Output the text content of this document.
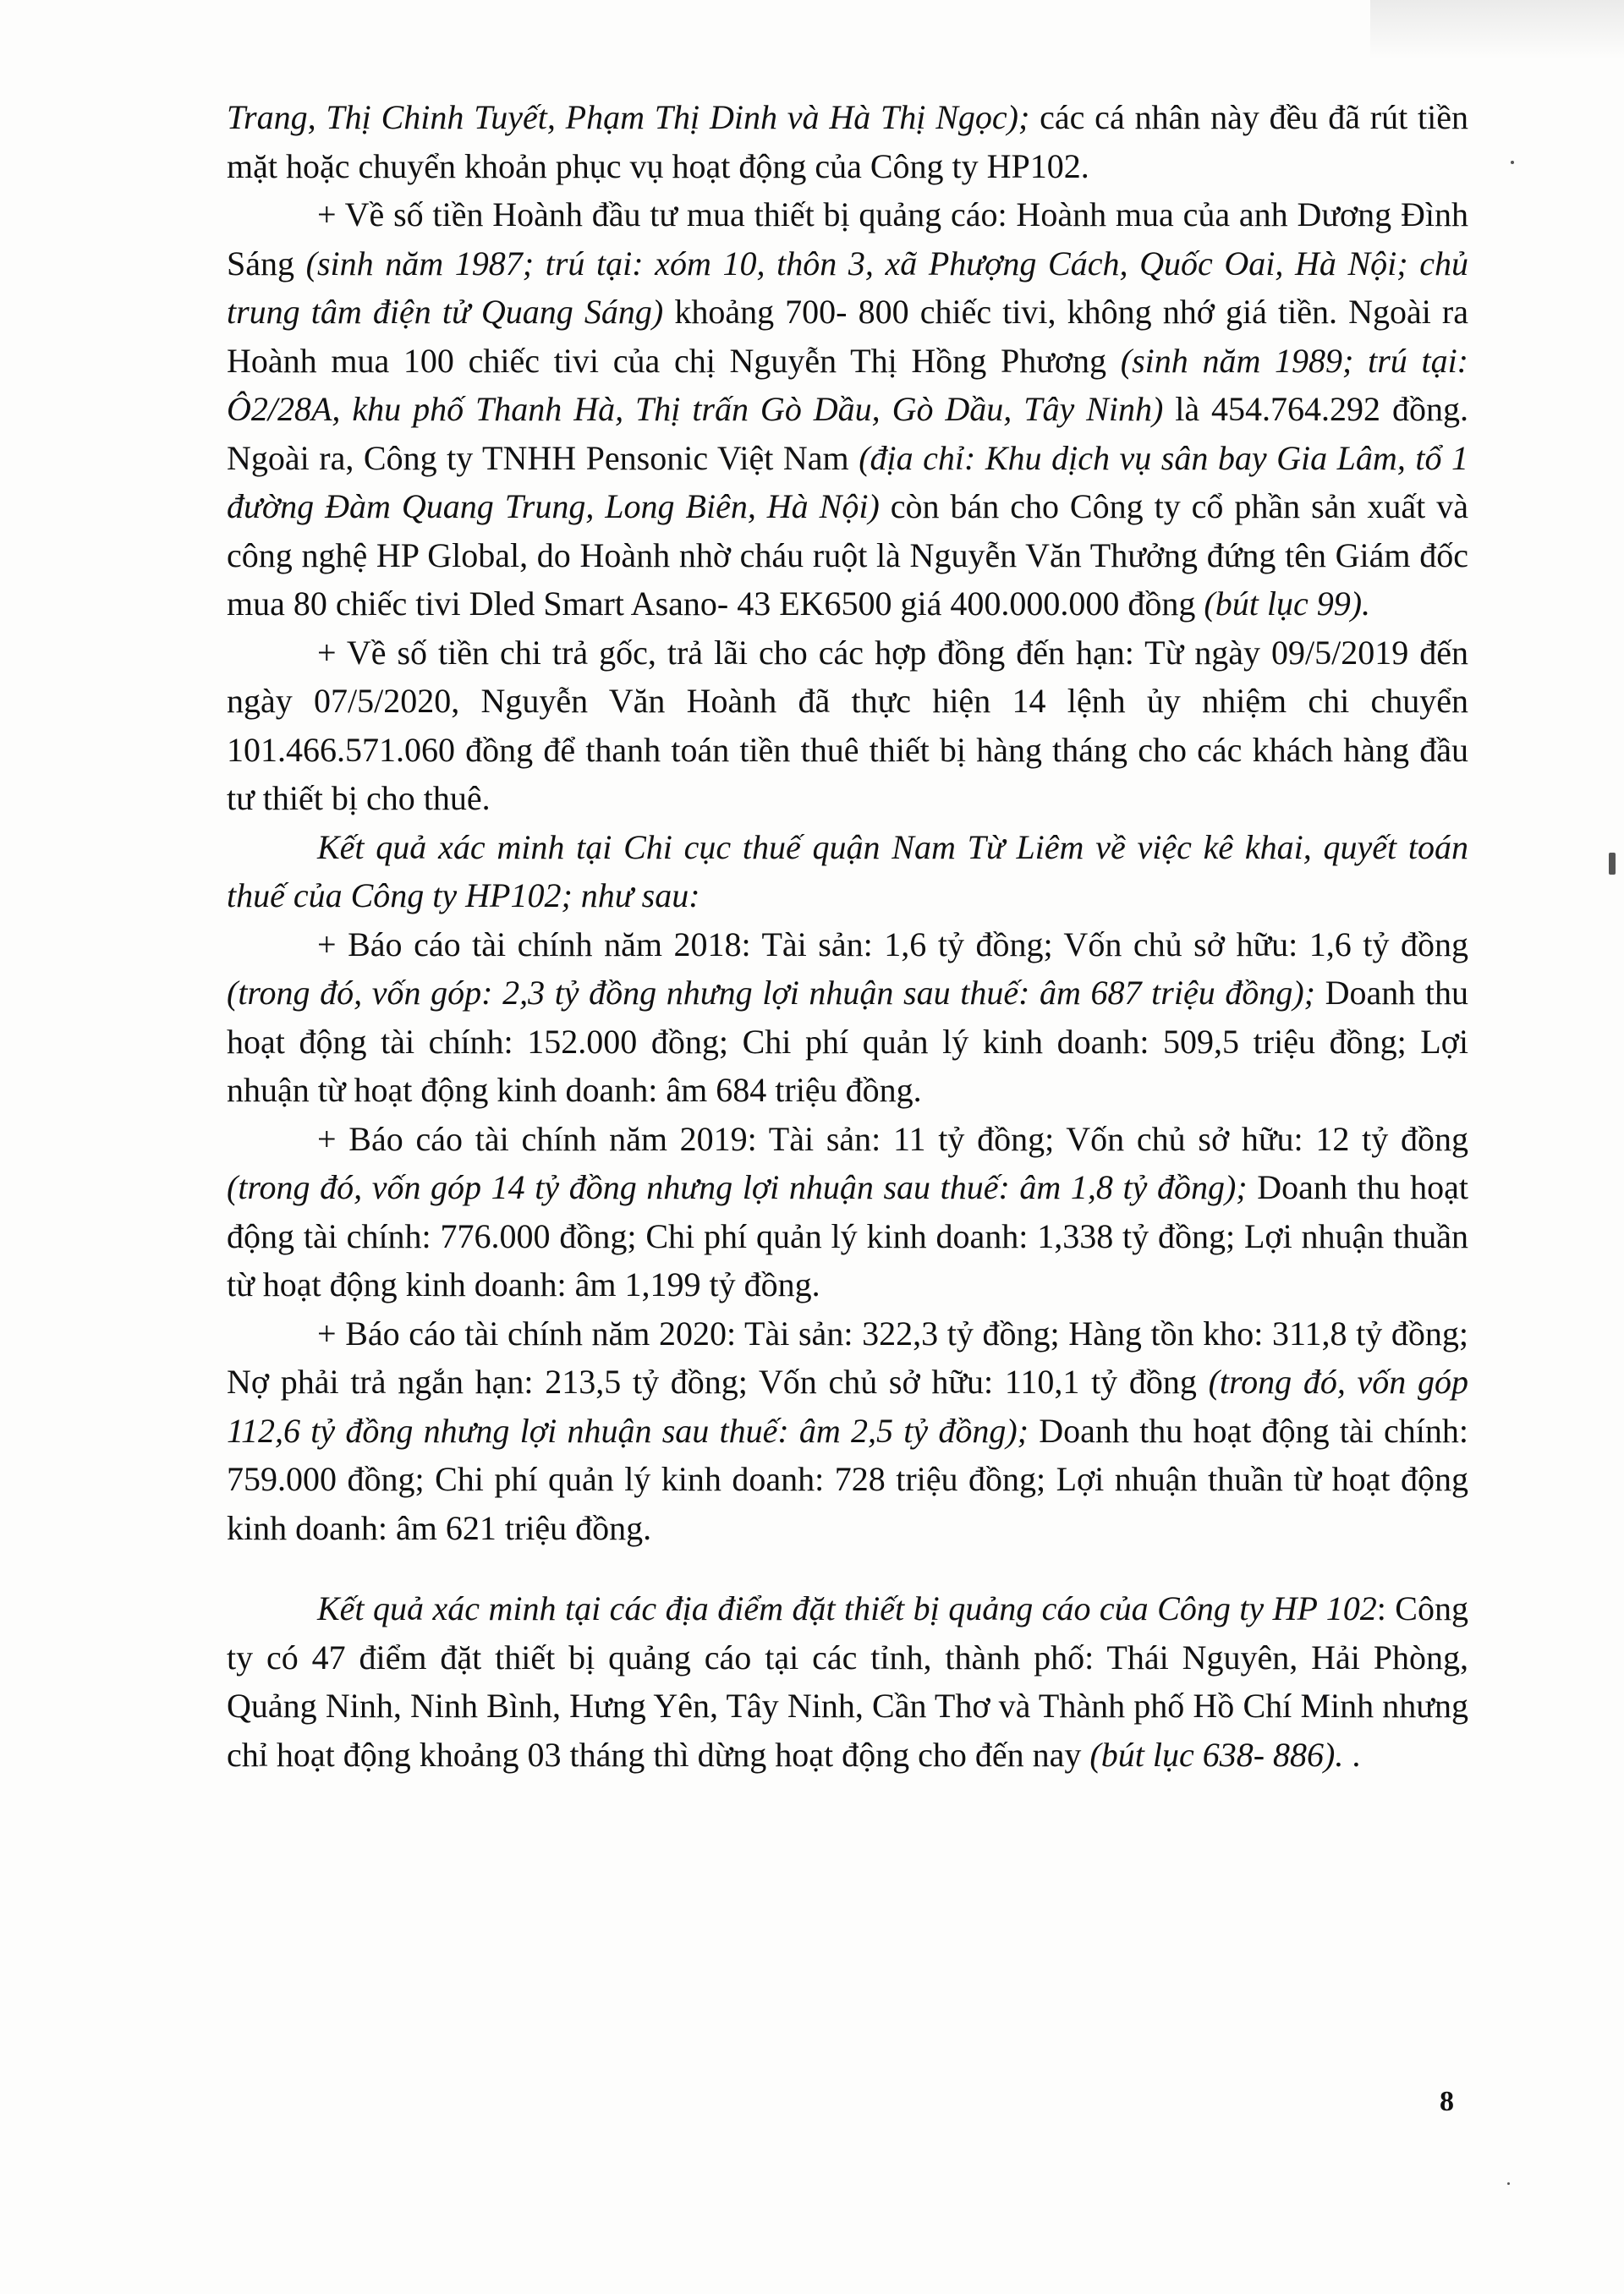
Trang, Thị Chinh Tuyết, Phạm Thị Dinh và Hà Thị Ngọc); các cá nhân này đều đã rút tiền mặt hoặc chuyển khoản phục vụ hoạt động của Công ty HP102.

+ Về số tiền Hoành đầu tư mua thiết bị quảng cáo: Hoành mua của anh Dương Đình Sáng (sinh năm 1987; trú tại: xóm 10, thôn 3, xã Phượng Cách, Quốc Oai, Hà Nội; chủ trung tâm điện tử Quang Sáng) khoảng 700- 800 chiếc tivi, không nhớ giá tiền. Ngoài ra Hoành mua 100 chiếc tivi của chị Nguyễn Thị Hồng Phương (sinh năm 1989; trú tại: Ô2/28A, khu phố Thanh Hà, Thị trấn Gò Dầu, Gò Dầu, Tây Ninh) là 454.764.292 đồng. Ngoài ra, Công ty TNHH Pensonic Việt Nam (địa chỉ: Khu dịch vụ sân bay Gia Lâm, tổ 1 đường Đàm Quang Trung, Long Biên, Hà Nội) còn bán cho Công ty cổ phần sản xuất và công nghệ HP Global, do Hoành nhờ cháu ruột là Nguyễn Văn Thưởng đứng tên Giám đốc mua 80 chiếc tivi Dled Smart Asano- 43 EK6500 giá 400.000.000 đồng (bút lục 99).

+ Về số tiền chi trả gốc, trả lãi cho các hợp đồng đến hạn: Từ ngày 09/5/2019 đến ngày 07/5/2020, Nguyễn Văn Hoành đã thực hiện 14 lệnh ủy nhiệm chi chuyển 101.466.571.060 đồng để thanh toán tiền thuê thiết bị hàng tháng cho các khách hàng đầu tư thiết bị cho thuê.

Kết quả xác minh tại Chi cục thuế quận Nam Từ Liêm về việc kê khai, quyết toán thuế của Công ty HP102; như sau:

+ Báo cáo tài chính năm 2018: Tài sản: 1,6 tỷ đồng; Vốn chủ sở hữu: 1,6 tỷ đồng (trong đó, vốn góp: 2,3 tỷ đồng nhưng lợi nhuận sau thuế: âm 687 triệu đồng); Doanh thu hoạt động tài chính: 152.000 đồng; Chi phí quản lý kinh doanh: 509,5 triệu đồng; Lợi nhuận từ hoạt động kinh doanh: âm 684 triệu đồng.

+ Báo cáo tài chính năm 2019: Tài sản: 11 tỷ đồng; Vốn chủ sở hữu: 12 tỷ đồng (trong đó, vốn góp 14 tỷ đồng nhưng lợi nhuận sau thuế: âm 1,8 tỷ đồng); Doanh thu hoạt động tài chính: 776.000 đồng; Chi phí quản lý kinh doanh: 1,338 tỷ đồng; Lợi nhuận thuần từ hoạt động kinh doanh: âm 1,199 tỷ đồng.

+ Báo cáo tài chính năm 2020: Tài sản: 322,3 tỷ đồng; Hàng tồn kho: 311,8 tỷ đồng; Nợ phải trả ngắn hạn: 213,5 tỷ đồng; Vốn chủ sở hữu: 110,1 tỷ đồng (trong đó, vốn góp 112,6 tỷ đồng nhưng lợi nhuận sau thuế: âm 2,5 tỷ đồng); Doanh thu hoạt động tài chính: 759.000 đồng; Chi phí quản lý kinh doanh: 728 triệu đồng; Lợi nhuận thuần từ hoạt động kinh doanh: âm 621 triệu đồng.

Kết quả xác minh tại các địa điểm đặt thiết bị quảng cáo của Công ty HP 102: Công ty có 47 điểm đặt thiết bị quảng cáo tại các tỉnh, thành phố: Thái Nguyên, Hải Phòng, Quảng Ninh, Ninh Bình, Hưng Yên, Tây Ninh, Cần Thơ và Thành phố Hồ Chí Minh nhưng chỉ hoạt động khoảng 03 tháng thì dừng hoạt động cho đến nay (bút lục 638- 886). .

8
